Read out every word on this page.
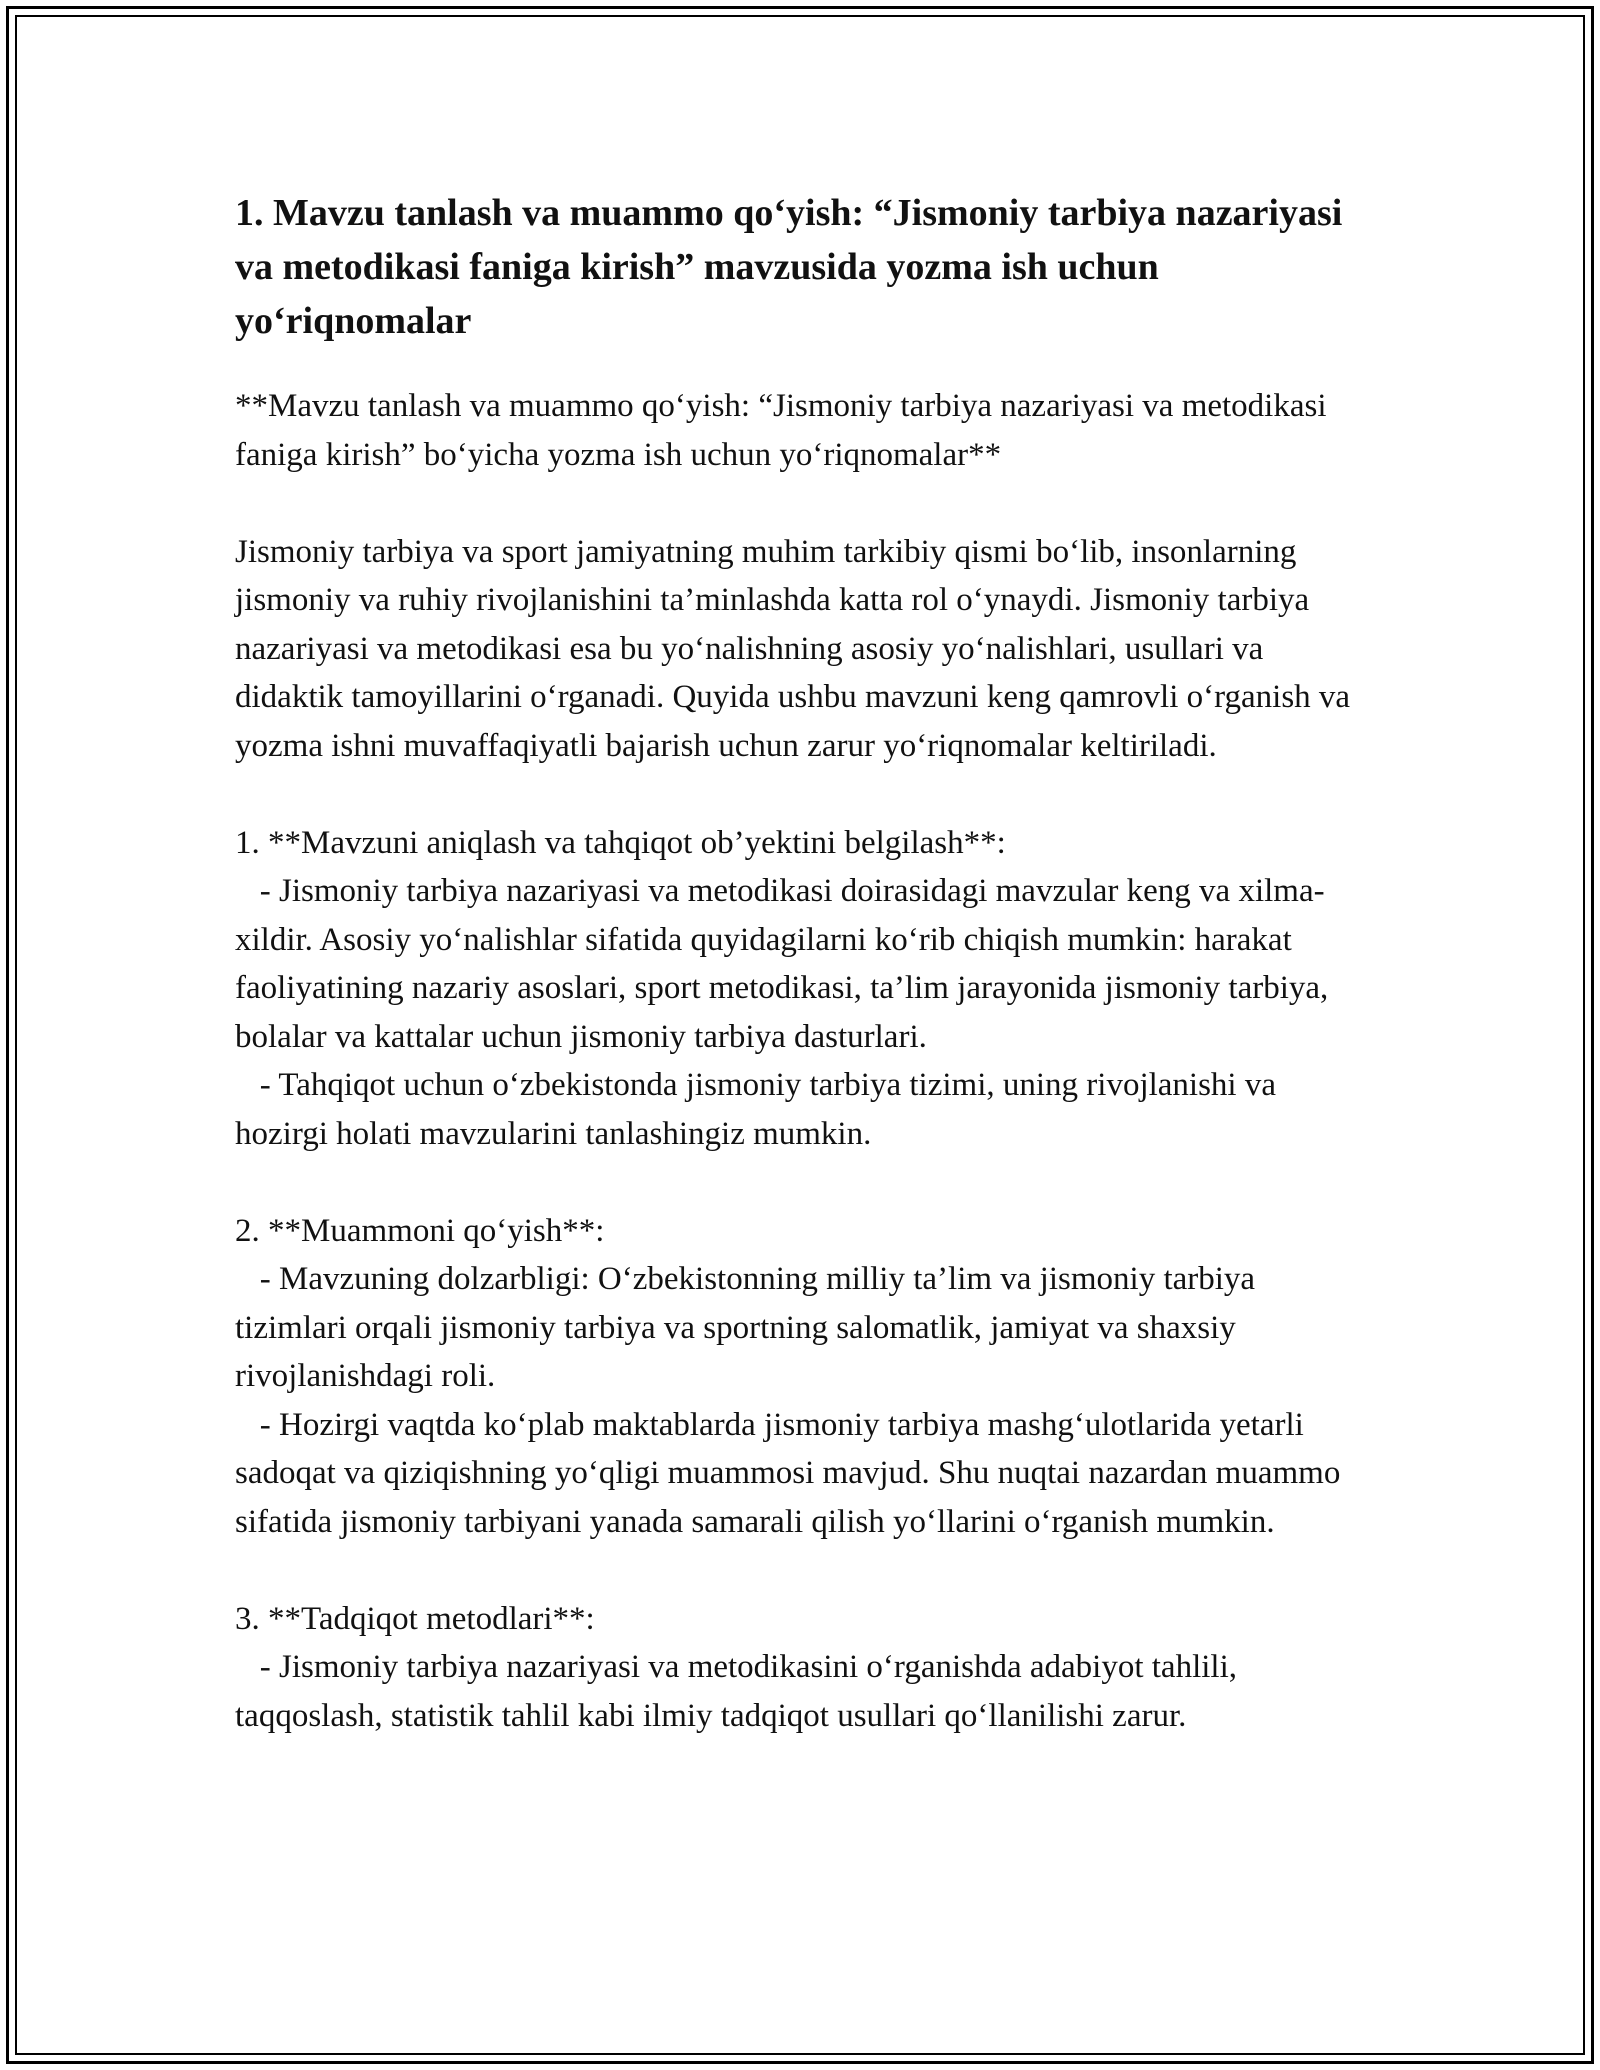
1. Mavzu tanlash va muammo qo‘yish: “Jismoniy tarbiya nazariyasi va metodikasi faniga kirish” mavzusida yozma ish uchun yo‘riqnomalar

**Mavzu tanlash va muammo qo‘yish: “Jismoniy tarbiya nazariyasi va metodikasi faniga kirish” bo‘yicha yozma ish uchun yo‘riqnomalar**

Jismoniy tarbiya va sport jamiyatning muhim tarkibiy qismi bo‘lib, insonlarning jismoniy va ruhiy rivojlanishini ta’minlashda katta rol o‘ynaydi. Jismoniy tarbiya nazariyasi va metodikasi esa bu yo‘nalishning asosiy yo‘nalishlari, usullari va didaktik tamoyillarini o‘rganadi. Quyida ushbu mavzuni keng qamrovli o‘rganish va yozma ishni muvaffaqiyatli bajarish uchun zarur yo‘riqnomalar keltiriladi.

1. **Mavzuni aniqlash va tahqiqot ob’yektini belgilash**:

- Jismoniy tarbiya nazariyasi va metodikasi doirasidagi mavzular keng va xilma-xildir. Asosiy yo‘nalishlar sifatida quyidagilarni ko‘rib chiqish mumkin: harakat faoliyatining nazariy asoslari, sport metodikasi, ta’lim jarayonida jismoniy tarbiya, bolalar va kattalar uchun jismoniy tarbiya dasturlari.

- Tahqiqot uchun o‘zbekistonda jismoniy tarbiya tizimi, uning rivojlanishi va hozirgi holati mavzularini tanlashingiz mumkin.

2. **Muammoni qo‘yish**:

- Mavzuning dolzarbligi: O‘zbekistonning milliy ta’lim va jismoniy tarbiya tizimlari orqali jismoniy tarbiya va sportning salomatlik, jamiyat va shaxsiy rivojlanishdagi roli.

- Hozirgi vaqtda ko‘plab maktablarda jismoniy tarbiya mashg‘ulotlarida yetarli sadoqat va qiziqishning yo‘qligi muammosi mavjud. Shu nuqtai nazardan muammo sifatida jismoniy tarbiyani yanada samarali qilish yo‘llarini o‘rganish mumkin.

3. **Tadqiqot metodlari**:

- Jismoniy tarbiya nazariyasi va metodikasini o‘rganishda adabiyot tahlili, taqqoslash, statistik tahlil kabi ilmiy tadqiqot usullari qo‘llanilishi zarur.
